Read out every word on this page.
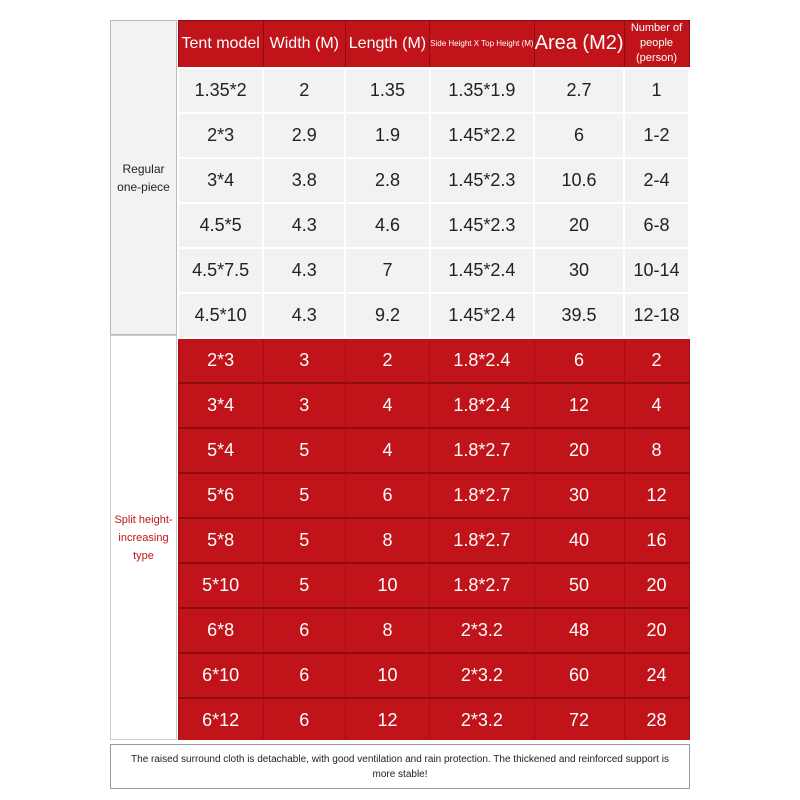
Regular
one-piece
Split height-
increasing type
Tent model	Width (M)	Length (M)	Side Height X Top Height (M)	Area (M2)	Number of
people
(person)
1.35*2	2	1.35	1.35*1.9	2.7	1
2*3	2.9	1.9	1.45*2.2	6	1-2
3*4	3.8	2.8	1.45*2.3	10.6	2-4
4.5*5	4.3	4.6	1.45*2.3	20	6-8
4.5*7.5	4.3	7	1.45*2.4	30	10-14
4.5*10	4.3	9.2	1.45*2.4	39.5	12-18
2*3	3	2	1.8*2.4	6	2
3*4	3	4	1.8*2.4	12	4
5*4	5	4	1.8*2.7	20	8
5*6	5	6	1.8*2.7	30	12
5*8	5	8	1.8*2.7	40	16
5*10	5	10	1.8*2.7	50	20
6*8	6	8	2*3.2	48	20
6*10	6	10	2*3.2	60	24
6*12	6	12	2*3.2	72	28
The raised surround cloth is detachable, with good ventilation and rain protection. The thickened and reinforced support is more stable!
